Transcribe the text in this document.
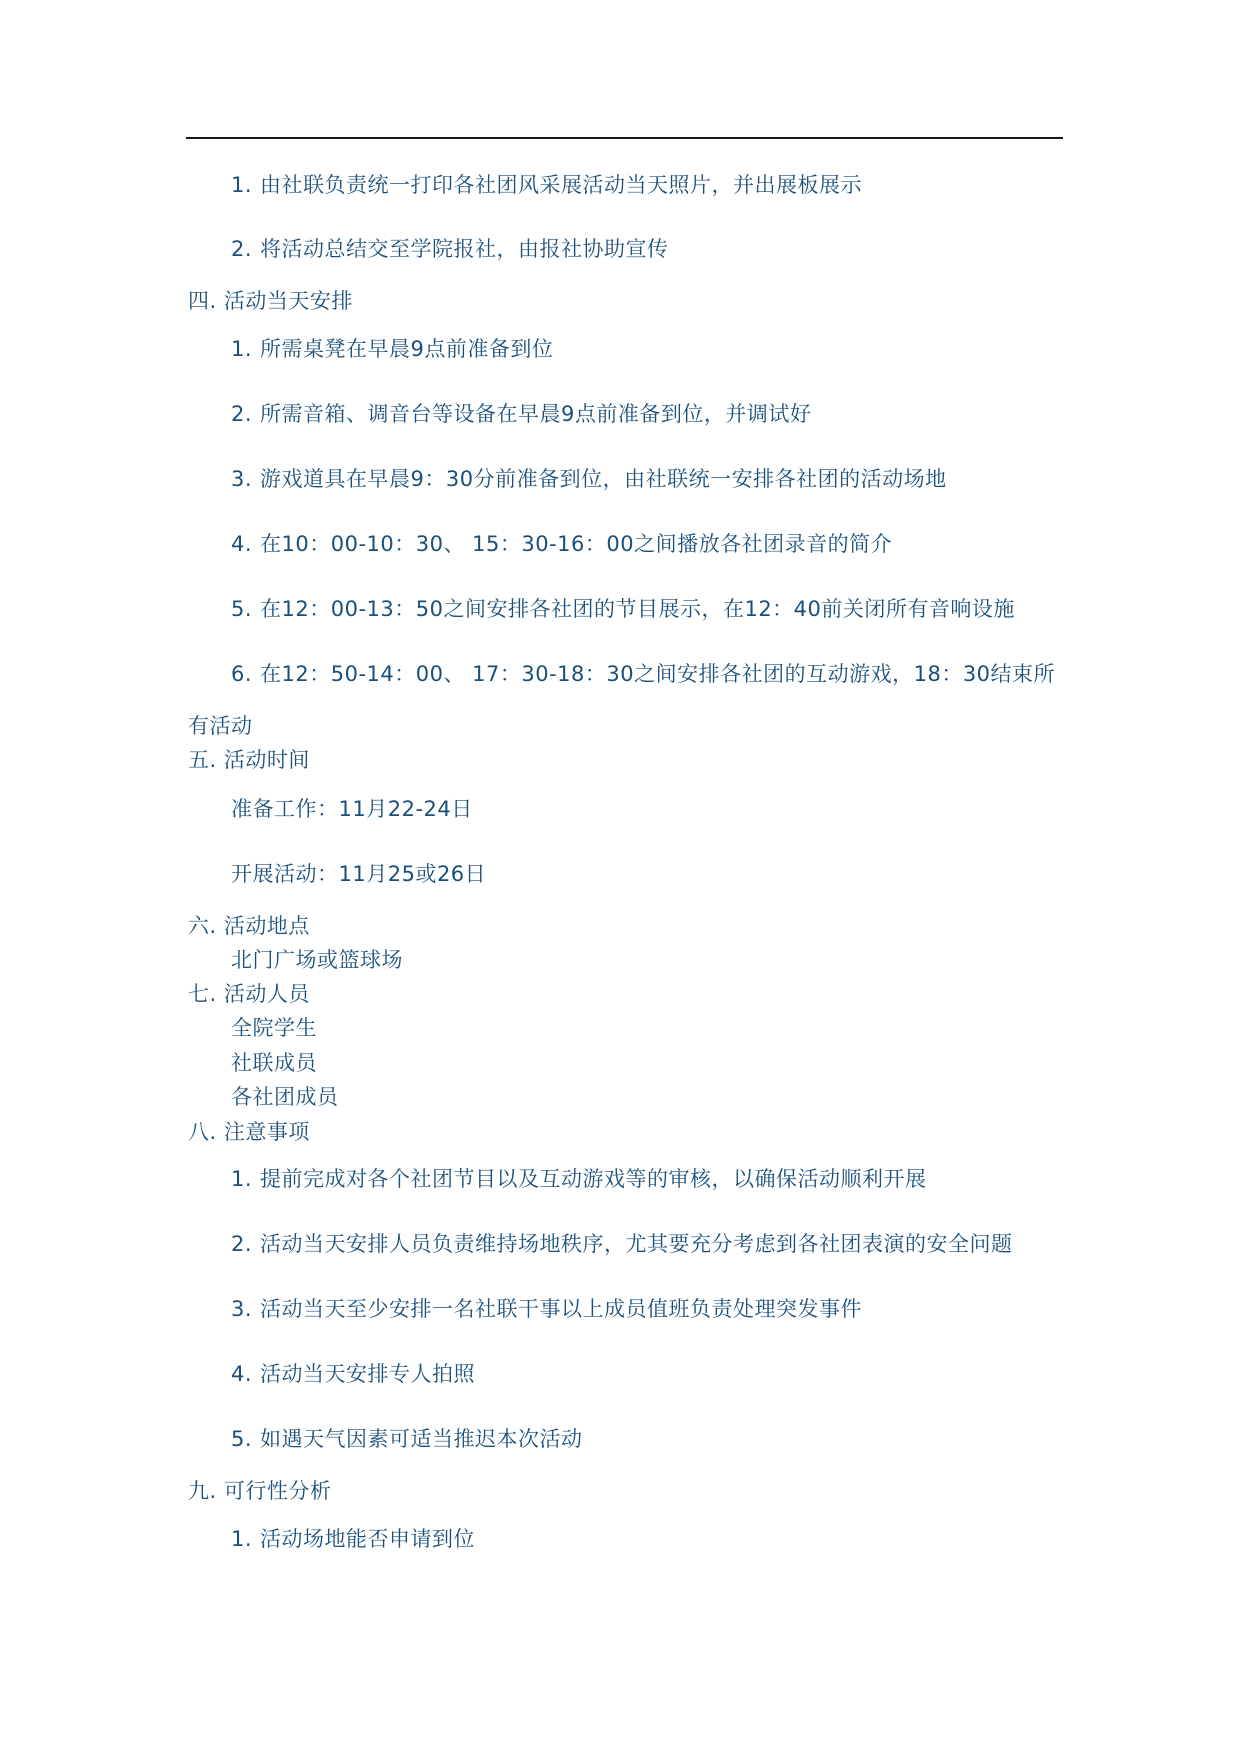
1. 由社联负责统一打印各社团风采展活动当天照片，并出展板展示
2. 将活动总结交至学院报社，由报社协助宣传
四. 活动当天安排
1. 所需桌凳在早晨9点前准备到位
2. 所需音箱、调音台等设备在早晨9点前准备到位，并调试好
3. 游戏道具在早晨9：30分前准备到位，由社联统一安排各社团的活动场地
4. 在10：00-10：30、 15：30-16：00之间播放各社团录音的简介
5. 在12：00-13：50之间安排各社团的节目展示，在12：40前关闭所有音响设施
6. 在12：50-14：00、 17：30-18：30之间安排各社团的互动游戏，18：30结束所
有活动
五. 活动时间
准备工作：11月22-24日
开展活动：11月25或26日
六. 活动地点
北门广场或篮球场
七. 活动人员
全院学生
社联成员
各社团成员
八. 注意事项
1. 提前完成对各个社团节目以及互动游戏等的审核，以确保活动顺利开展
2. 活动当天安排人员负责维持场地秩序，尤其要充分考虑到各社团表演的安全问题
3. 活动当天至少安排一名社联干事以上成员值班负责处理突发事件
4. 活动当天安排专人拍照
5. 如遇天气因素可适当推迟本次活动
九. 可行性分析
1. 活动场地能否申请到位
